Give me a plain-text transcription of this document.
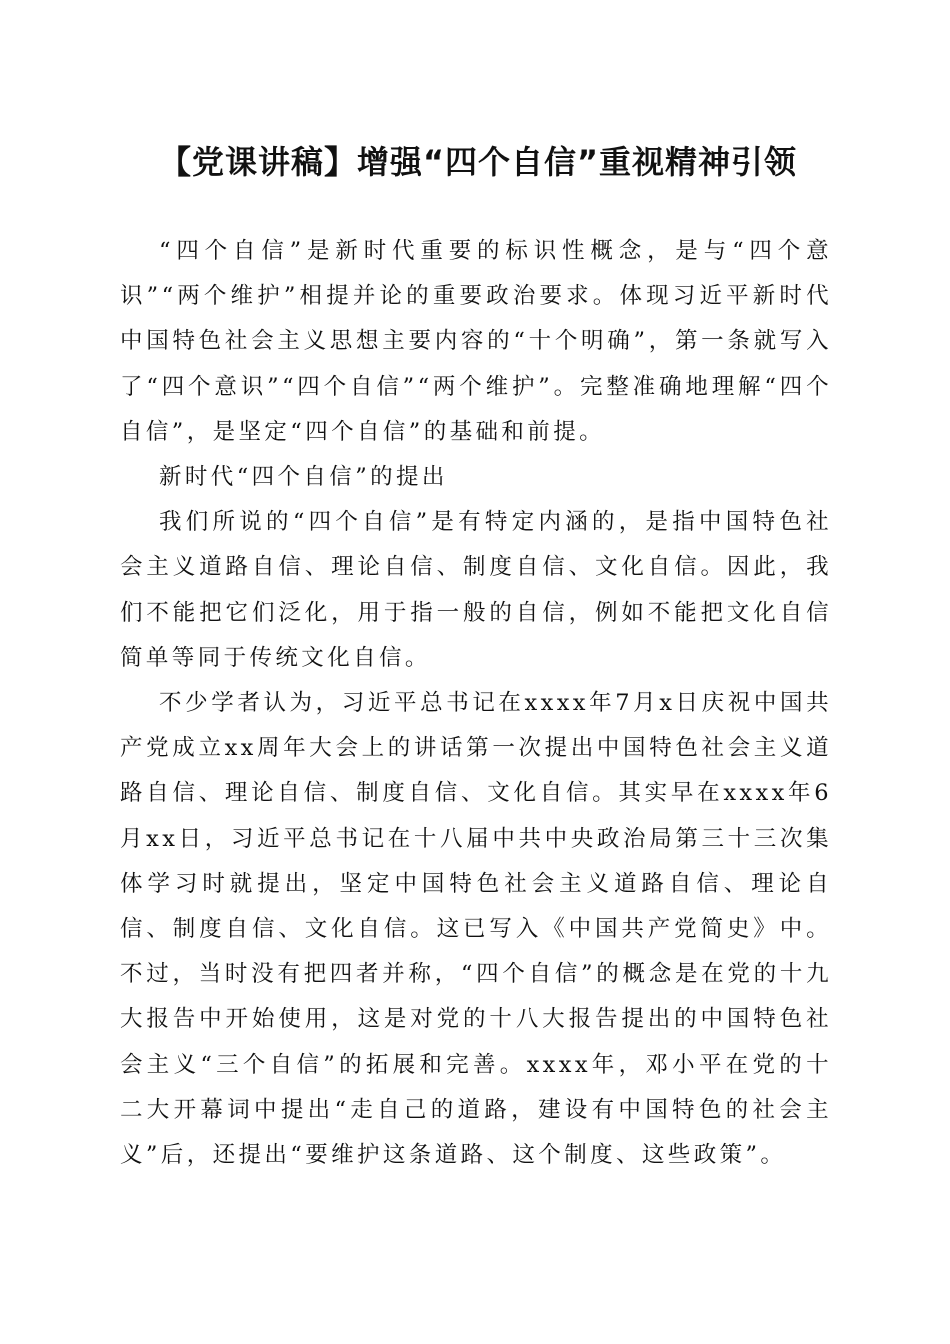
【党课讲稿】增强“四个自信”重视精神引领

“四个自信”是新时代重要的标识性概念，是与“四个意识”“两个维护”相提并论的重要政治要求。体现习近平新时代中国特色社会主义思想主要内容的“十个明确”，第一条就写入了“四个意识”“四个自信”“两个维护”。完整准确地理解“四个自信”，是坚定“四个自信”的基础和前提。

新时代“四个自信”的提出

我们所说的“四个自信”是有特定内涵的，是指中国特色社会主义道路自信、理论自信、制度自信、文化自信。因此，我们不能把它们泛化，用于指一般的自信，例如不能把文化自信简单等同于传统文化自信。

不少学者认为，习近平总书记在xxxx年7月x日庆祝中国共产党成立xx周年大会上的讲话第一次提出中国特色社会主义道路自信、理论自信、制度自信、文化自信。其实早在xxxx年6月xx日，习近平总书记在十八届中共中央政治局第三十三次集体学习时就提出，坚定中国特色社会主义道路自信、理论自信、制度自信、文化自信。这已写入《中国共产党简史》中。不过，当时没有把四者并称，“四个自信”的概念是在党的十九大报告中开始使用，这是对党的十八大报告提出的中国特色社会主义“三个自信”的拓展和完善。xxxx年，邓小平在党的十二大开幕词中提出“走自己的道路，建设有中国特色的社会主义”后，还提出“要维护这条道路、这个制度、这些政策”。
